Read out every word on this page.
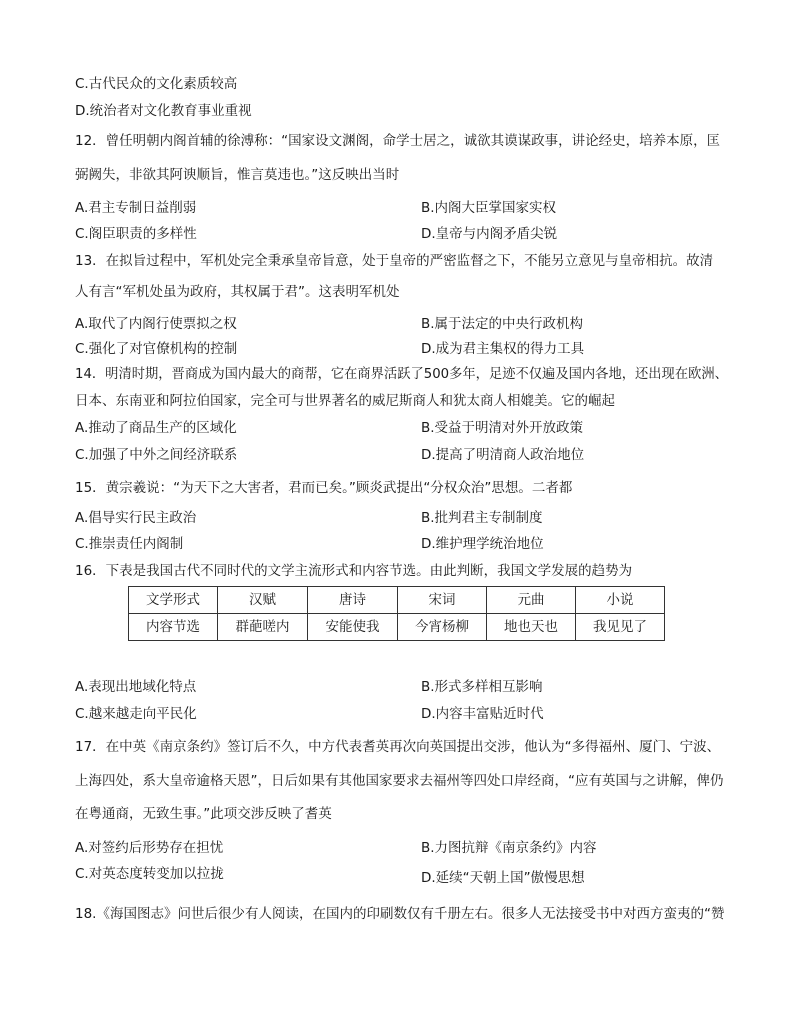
C.古代民众的文化素质较高
D.统治者对文化教育事业重视
12．曾任明朝内阁首辅的徐溥称：“国家设文渊阁，命学士居之，诚欲其谟谋政事，讲论经史，培养本原，匡
弼阙失，非欲其阿谀顺旨，惟言莫违也。”这反映出当时
A.君主专制日益削弱	B.内阁大臣掌国家实权
C.阁臣职责的多样性	D.皇帝与内阁矛盾尖锐
13．在拟旨过程中，军机处完全秉承皇帝旨意，处于皇帝的严密监督之下，不能另立意见与皇帝相抗。故清
人有言“军机处虽为政府，其权属于君”。这表明军机处
A.取代了内阁行使票拟之权	B.属于法定的中央行政机构
C.强化了对官僚机构的控制	D.成为君主集权的得力工具
14．明清时期，晋商成为国内最大的商帮，它在商界活跃了500多年，足迹不仅遍及国内各地，还出现在欧洲、
日本、东南亚和阿拉伯国家，完全可与世界著名的威尼斯商人和犹太商人相媲美。它的崛起
A.推动了商品生产的区域化	B.受益于明清对外开放政策
C.加强了中外之间经济联系	D.提高了明清商人政治地位
15．黄宗羲说：“为天下之大害者，君而已矣。”顾炎武提出“分权众治”思想。二者都
A.倡导实行民主政治	B.批判君主专制制度
C.推崇责任内阁制	D.维护理学统治地位
16．下表是我国古代不同时代的文学主流形式和内容节选。由此判断，我国文学发展的趋势为
文学形式	汉赋	唐诗	宋词	元曲	小说
内容节选	群葩嗟内	安能使我	今宵杨柳	地也天也	我见见了
A.表现出地域化特点	B.形式多样相互影响
C.越来越走向平民化	D.内容丰富贴近时代
17．在中英《南京条约》签订后不久，中方代表耆英再次向英国提出交涉，他认为“多得福州、厦门、宁波、
上海四处，系大皇帝逾格天恩”，日后如果有其他国家要求去福州等四处口岸经商，“应有英国与之讲解，俾仍
在粤通商，无致生事。”此项交涉反映了耆英
A.对签约后形势存在担忧	B.力图抗辩《南京条约》内容
C.对英态度转变加以拉拢	D.延续“天朝上国”傲慢思想
18.《海国图志》问世后很少有人阅读，在国内的印刷数仅有千册左右。很多人无法接受书中对西方蛮夷的“赞
